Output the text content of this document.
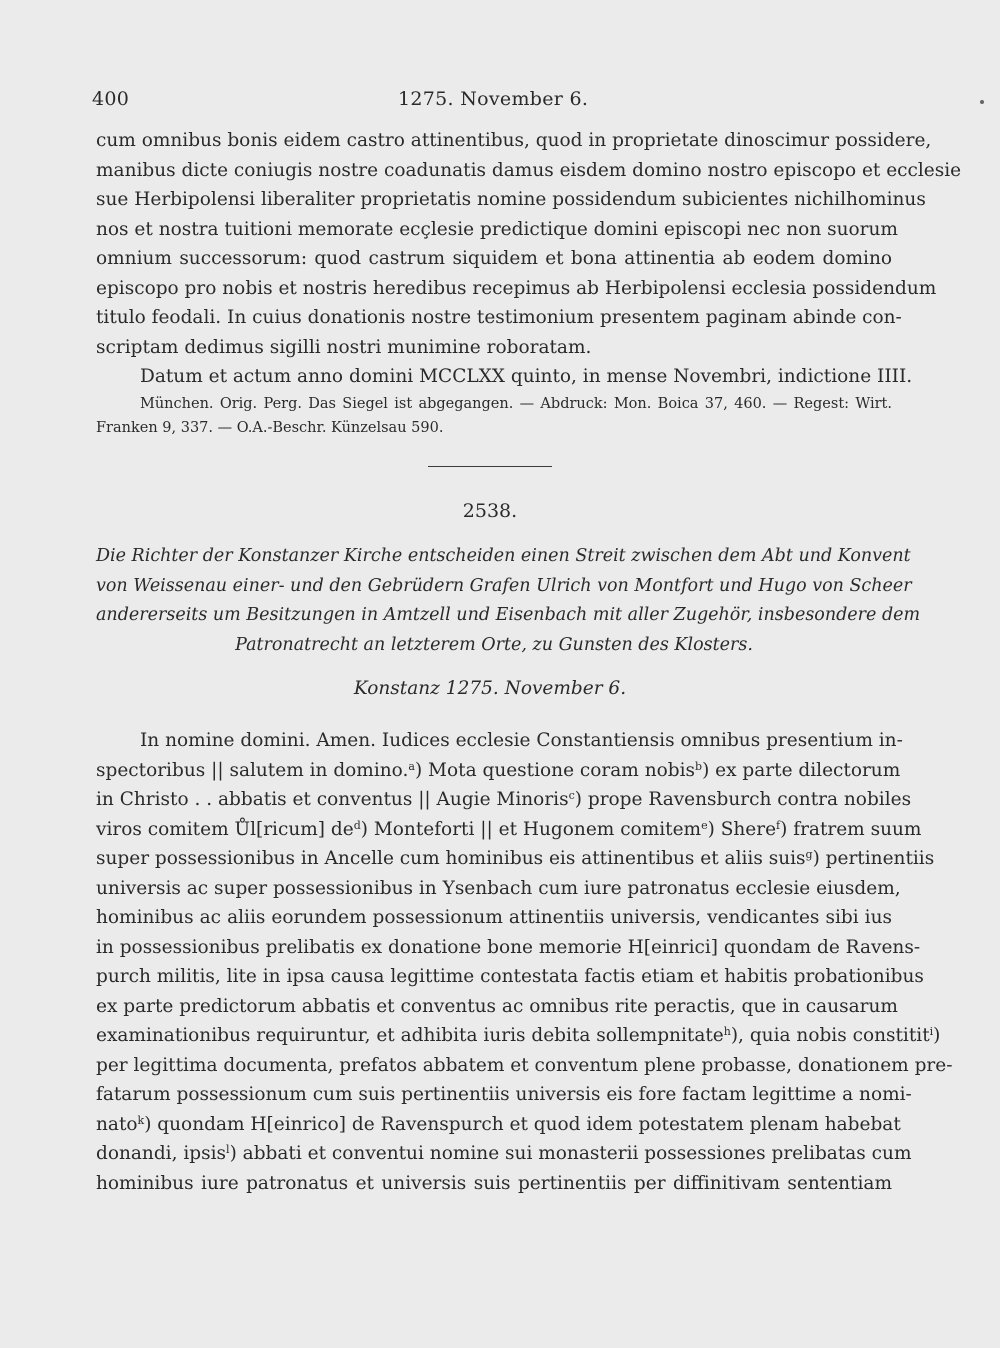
400	1275. November 6.
cum omnibus bonis eidem castro attinentibus, quod in proprietate dinoscimur possidere,
manibus dicte coniugis nostre coadunatis damus eisdem domino nostro episcopo et ecclesie
sue Herbipolensi liberaliter proprietatis nomine possidendum subicientes nichilhominus
nos et nostra tuitioni memorate ecçlesie predictique domini episcopi nec non suorum
omnium successorum: quod castrum siquidem et bona attinentia ab eodem domino
episcopo pro nobis et nostris heredibus recepimus ab Herbipolensi ecclesia possidendum
titulo feodali. In cuius donationis nostre testimonium presentem paginam abinde con-
scriptam dedimus sigilli nostri munimine roboratam.
Datum et actum anno domini MCCLXX quinto, in mense Novembri, indictione IIII.
München. Orig. Perg. Das Siegel ist abgegangen. — Abdruck: Mon. Boica 37, 460. — Regest: Wirt.
Franken 9, 337. — O.A.-Beschr. Künzelsau 590.
2538.
Die Richter der Konstanzer Kirche entscheiden einen Streit zwischen dem Abt und Konvent
von Weissenau einer- und den Gebrüdern Grafen Ulrich von Montfort und Hugo von Scheer
andererseits um Besitzungen in Amtzell und Eisenbach mit aller Zugehör, insbesondere dem
Patronatrecht an letzterem Orte, zu Gunsten des Klosters.
Konstanz 1275. November 6.
In nomine domini. Amen. Iudices ecclesie Constantiensis omnibus presentium in-
spectoribus || salutem in domino.$^a$) Mota questione coram nobis$^b$) ex parte dilectorum
in Christo . . abbatis et conventus || Augie Minoris$^c$) prope Ravensburch contra nobiles
viros comitem Ůl[ricum] $de^d$) Monteforti || et Hugonem comitem$^e$) Shere$^f$) fratrem suum
super possessionibus in Ancelle cum hominibus eis attinentibus et aliis suis$^g$) pertinentiis
universis ac super possessionibus in Ysenbach cum iure patronatus ecclesie eiusdem,
hominibus ac aliis eorundem possessionum attinentiis universis, vendicantes sibi ius
in possessionibus prelibatis ex donatione bone memorie H[einrici] quondam de Ravens-
purch militis, lite in ipsa causa legittime contestata factis etiam et habitis probationibus
ex parte predictorum abbatis et conventus ac omnibus rite peractis, que in causarum
examinationibus requiruntur, et adhibita iuris debita sollempnitate$^h$), quia nobis constitit$^i$)
per legittima documenta, prefatos abbatem et conventum plene probasse, donationem pre-
fatarum possessionum cum suis pertinentiis universis eis fore factam legittime a nomi-
nato$^k$) quondam H[einrico] de Ravenspurch et quod idem potestatem plenam habebat
donandi, ipsis$^l$) abbati et conventui nomine sui monasterii possessiones prelibatas cum
hominibus iure patronatus et universis suis pertinentiis per diffinitivam sententiam
